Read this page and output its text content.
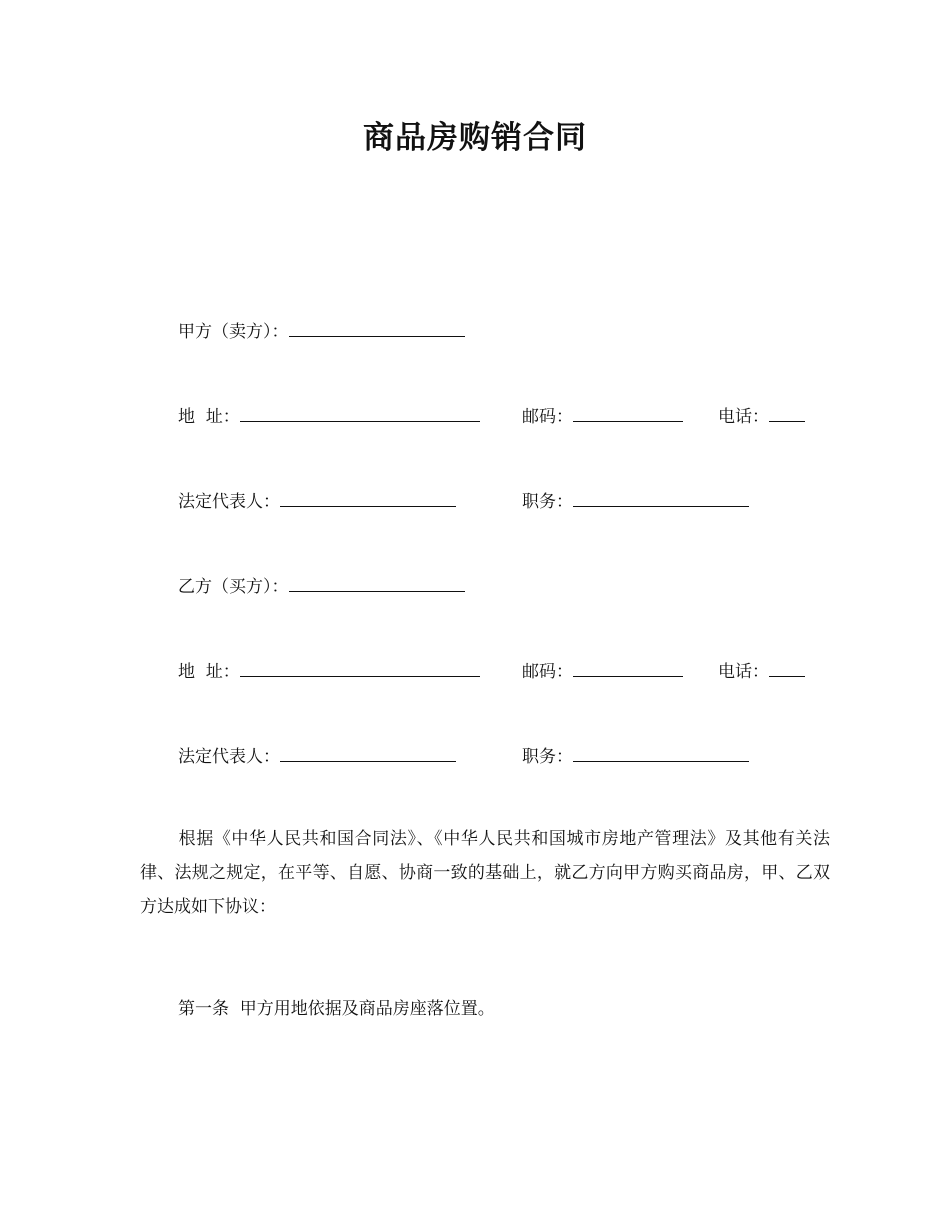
商品房购销合同
甲方（卖方）：
地  址：	邮码：	电话：
法定代表人：	职务：
乙方（买方）：
地  址：	邮码：	电话：
法定代表人：	职务：
根据《中华人民共和国合同法》、《中华人民共和国城市房地产管理法》及其他有关法律、法规之规定，在平等、自愿、协商一致的基础上，就乙方向甲方购买商品房，甲、乙双方达成如下协议：
第一条  甲方用地依据及商品房座落位置。
